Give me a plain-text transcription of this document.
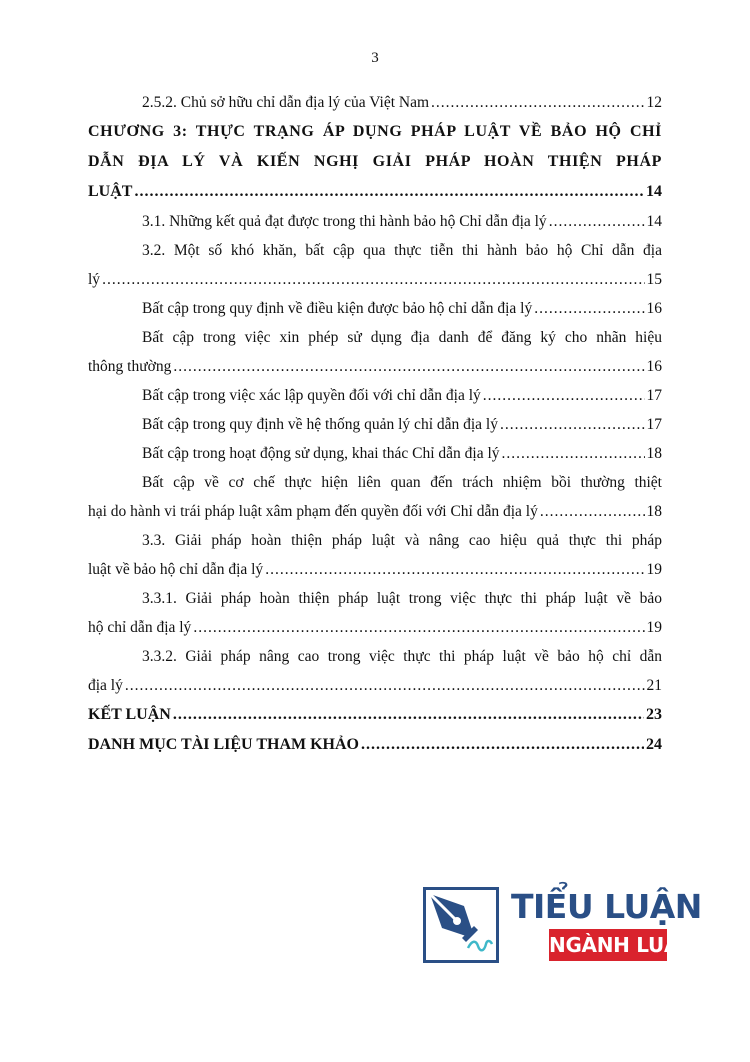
3
2.5.2. Chủ sở hữu chỉ dẫn địa lý của Việt Nam .....	12
CHƯƠNG 3: THỰC TRẠNG ÁP DỤNG PHÁP LUẬT VỀ BẢO HỘ CHỈ
DẪN ĐỊA LÝ VÀ KIẾN NGHỊ GIẢI PHÁP HOÀN THIỆN PHÁP
LUẬT .....	14
3.1. Những kết quả đạt được trong thi hành bảo hộ Chỉ dẫn địa lý .....	14
3.2. Một số khó khăn, bất cập qua thực tiễn thi hành bảo hộ Chỉ dẫn địa
lý .....	15
Bất cập trong quy định về điều kiện được bảo hộ chỉ dẫn địa lý .....	16
Bất cập trong việc xin phép sử dụng địa danh để đăng ký cho nhãn hiệu
thông thường .....	16
Bất cập trong việc xác lập quyền đối với chỉ dẫn địa lý .....	17
Bất cập trong quy định về hệ thống quản lý chỉ dẫn địa lý .....	17
Bất cập trong hoạt động sử dụng, khai thác Chỉ dẫn địa lý .....	18
Bất cập về cơ chế thực hiện liên quan đến trách nhiệm bồi thường thiệt
hại do hành vi trái pháp luật xâm phạm đến quyền đối với Chỉ dẫn địa lý .....	18
3.3. Giải pháp hoàn thiện pháp luật và nâng cao hiệu quả thực thi pháp
luật về bảo hộ chỉ dẫn địa lý .....	19
3.3.1. Giải pháp hoàn thiện pháp luật trong việc thực thi pháp luật về bảo
hộ chỉ dẫn địa lý .....	19
3.3.2. Giải pháp nâng cao trong việc thực thi pháp luật về bảo hộ chỉ dẫn
địa lý .....	21
KẾT LUẬN .....	23
DANH MỤC TÀI LIỆU THAM KHẢO .....	24
TIỂU LUẬN
NGÀNH LUẬT
